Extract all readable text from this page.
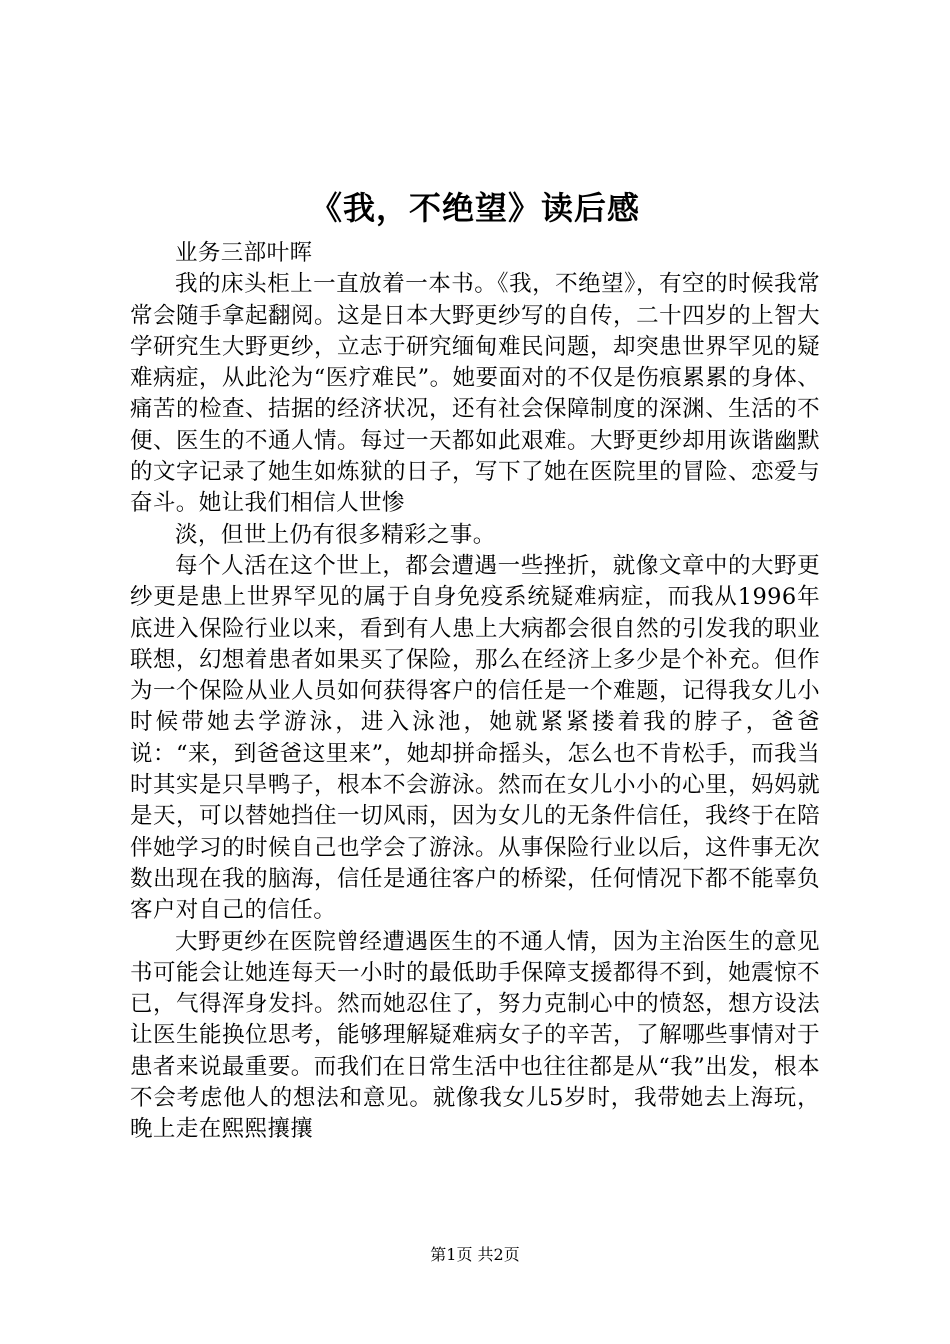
《我，不绝望》读后感

业务三部叶晖

我的床头柜上一直放着一本书。《我，不绝望》，有空的时候我常常会随手拿起翻阅。这是日本大野更纱写的自传，二十四岁的上智大学研究生大野更纱，立志于研究缅甸难民问题，却突患世界罕见的疑难病症，从此沦为“医疗难民”。她要面对的不仅是伤痕累累的身体、痛苦的检查、拮据的经济状况，还有社会保障制度的深渊、生活的不便、医生的不通人情。每过一天都如此艰难。大野更纱却用诙谐幽默的文字记录了她生如炼狱的日子，写下了她在医院里的冒险、恋爱与奋斗。她让我们相信人世惨

淡，但世上仍有很多精彩之事。

每个人活在这个世上，都会遭遇一些挫折，就像文章中的大野更纱更是患上世界罕见的属于自身免疫系统疑难病症，而我从1996年底进入保险行业以来，看到有人患上大病都会很自然的引发我的职业联想，幻想着患者如果买了保险，那么在经济上多少是个补充。但作为一个保险从业人员如何获得客户的信任是一个难题，记得我女儿小时候带她去学游泳，进入泳池，她就紧紧搂着我的脖子，爸爸说：“来，到爸爸这里来”，她却拼命摇头，怎么也不肯松手，而我当时其实是只旱鸭子，根本不会游泳。然而在女儿小小的心里，妈妈就是天，可以替她挡住一切风雨，因为女儿的无条件信任，我终于在陪伴她学习的时候自己也学会了游泳。从事保险行业以后，这件事无次数出现在我的脑海，信任是通往客户的桥梁，任何情况下都不能辜负客户对自己的信任。

大野更纱在医院曾经遭遇医生的不通人情，因为主治医生的意见书可能会让她连每天一小时的最低助手保障支援都得不到，她震惊不已，气得浑身发抖。然而她忍住了，努力克制心中的愤怒，想方设法让医生能换位思考，能够理解疑难病女子的辛苦，了解哪些事情对于患者来说最重要。而我们在日常生活中也往往都是从“我”出发，根本不会考虑他人的想法和意见。就像我女儿5岁时，我带她去上海玩，晚上走在熙熙攘攘

第1页 共2页
